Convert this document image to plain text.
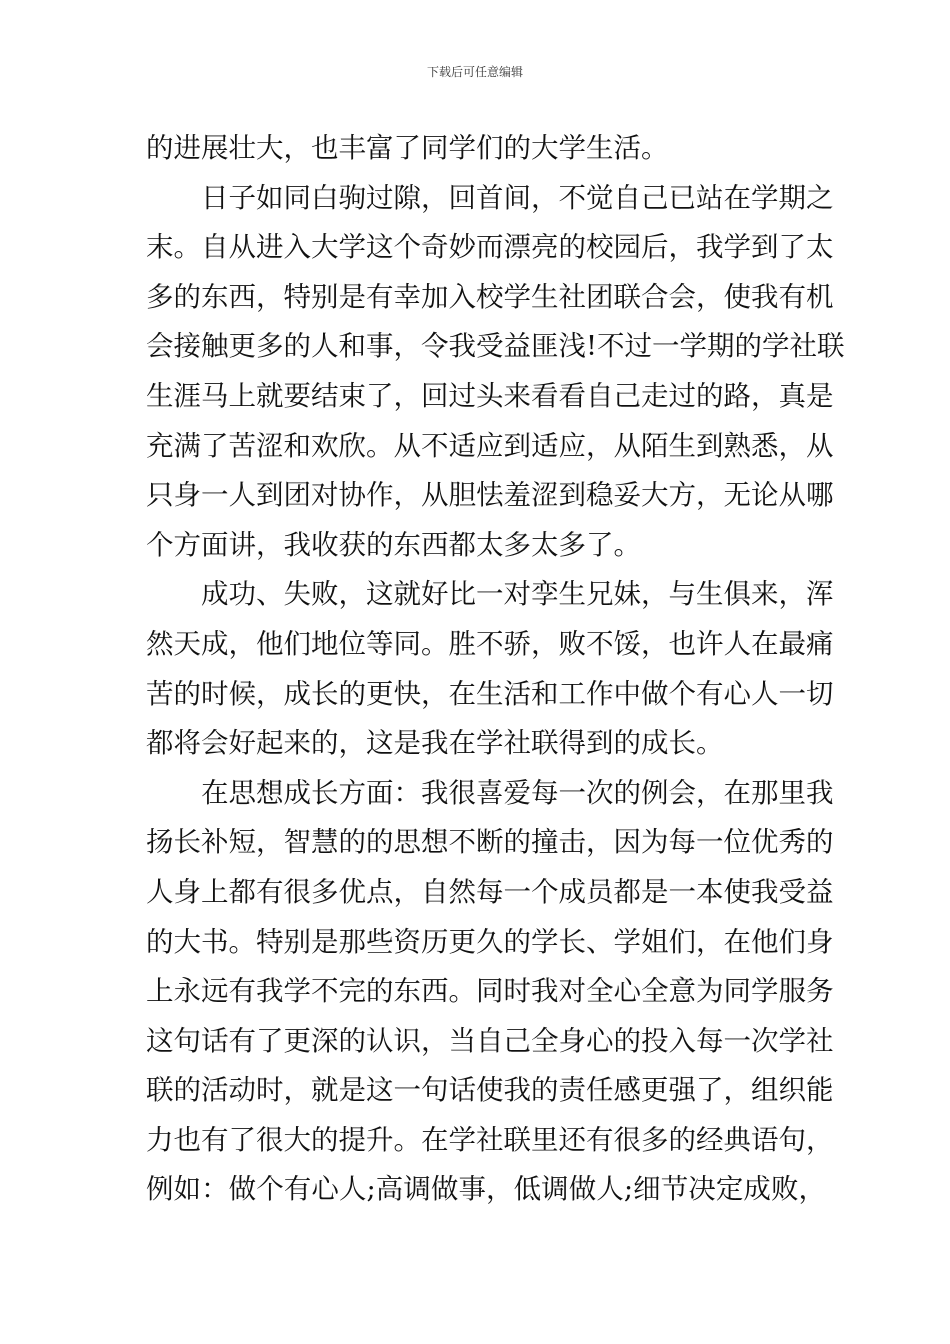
下载后可任意编辑
的进展壮大，也丰富了同学们的大学生活。
日子如同白驹过隙，回首间，不觉自己已站在学期之
末。自从进入大学这个奇妙而漂亮的校园后，我学到了太
多的东西，特别是有幸加入校学生社团联合会，使我有机
会接触更多的人和事，令我受益匪浅!不过一学期的学社联
生涯马上就要结束了，回过头来看看自己走过的路，真是
充满了苦涩和欢欣。从不适应到适应，从陌生到熟悉，从
只身一人到团对协作，从胆怯羞涩到稳妥大方，无论从哪
个方面讲，我收获的东西都太多太多了。
成功、失败，这就好比一对孪生兄妹，与生俱来，浑
然天成，他们地位等同。胜不骄，败不馁，也许人在最痛
苦的时候，成长的更快，在生活和工作中做个有心人一切
都将会好起来的，这是我在学社联得到的成长。
在思想成长方面：我很喜爱每一次的例会，在那里我
扬长补短，智慧的的思想不断的撞击，因为每一位优秀的
人身上都有很多优点，自然每一个成员都是一本使我受益
的大书。特别是那些资历更久的学长、学姐们，在他们身
上永远有我学不完的东西。同时我对全心全意为同学服务
这句话有了更深的认识，当自己全身心的投入每一次学社
联的活动时，就是这一句话使我的责任感更强了，组织能
力也有了很大的提升。在学社联里还有很多的经典语句，
例如：做个有心人;高调做事，低调做人;细节决定成败，
